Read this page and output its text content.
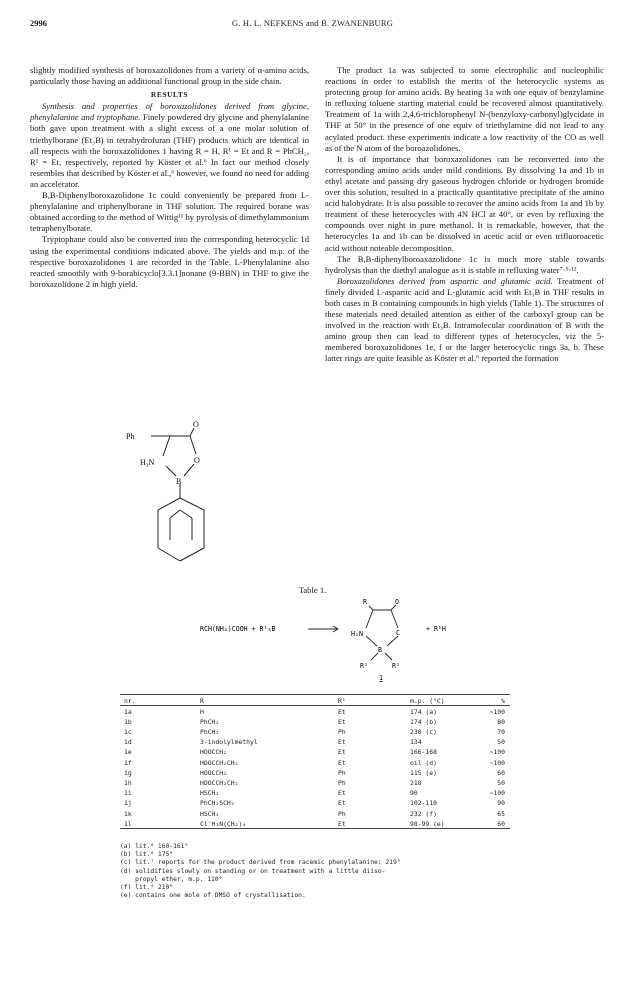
2996	G. H. L. NEFKENS and B. ZWANENBURG

slightly modified synthesis of boroxazolidones from a variety of α-amino acids, particularly those having an additional functional group in the side chain.

RESULTS

Synthesis and properties of boroxazolidones derived from glycine, phenylalanine and tryptophane. Finely powdered dry glycine and phenylalanine both gave upon treatment with a slight excess of a one molar solution of triethylborane (Et₃B) in tetrahydrofuran (THF) products which are identical in all respects with the boroxazolidones 1 having R = H, R¹ = Et and R = PhCH₂, R¹ = Et, respectively, reported by Köster et al.⁶ In fact our method closely resembles that described by Köster et al.,⁶ however, we found no need for adding an accelerator.

B,B-Diphenylboroxazolidone 1c could conveniently be prepared from L-phenylalanine and triphenylborane in THF solution. The required borane was obtained according to the method of Wittig¹¹ by pyrolysis of dimethylammonium tetraphenylborate.

Tryptophane could also be converted into the corresponding heterocyclic 1d using the experimental conditions indicated above. The yields and m.p. of the respective boroxazolidones 1 are recorded in the Table. L-Phenylalanine also reacted smoothly with 9-borabicyclo[3.3.1]nonane (9-BBN) in THF to give the boroxazolidone 2 in high yield.

The product 1a was subjected to some electrophilic and nucleophilic reactions in order to establish the merits of the heterocyclic systems as protecting group for amino acids. By heating 1a with one equiv of benzylamine in refluxing toluene starting material could be recovered almost quantitatively. Treatment of 1a with 2,4,6-trichlorophenyl N-(benzyloxy-carbonyl)glycidate in THF at 50° in the presence of one equiv of triethylamine did not lead to any acylated product. these experiments indicate a low reactivity of the CO as well as of the N atom of the boroazolidones.

It is of importance that boroxazolidones can be reconverted into the corresponding amino acids under mild conditions. By dissolving 1a and 1b in ethyl acetate and passing dry gaseous hydrogen chloride or hydrogen bromide over this solution, resulted in a practically quantitative precipitate of the amino acid halohydrate. It is also possible to recover the amino acids from 1a and 1b by treatment of these heterocycles with 4N HCl at 40°, or even by refluxing the compounds over night in pure methanol. It is remarkable, however, that the heterocycles 1a and 1b can be dissolved in acetic acid or even trifluoroacetic acid without noteable decomposition.

The B,B-diphenylboroaxazolidone 1c is much more stable towards hydrolysis than the diethyl analogue as it is stable in refluxing water⁷·⁹·¹².

Boroxazolidones derived from aspartic and glutamic acid. Treatment of finely divided L-aspartic acid and L-glutamic acid with Et₃B in THF results in both cases in B containing compounds in high yields (Table 1). The structures of these materials need detailed attention as either of the carboxyl group can be involved in the reaction with Et₃B. Intramolecular coordination of B with the amino group then can lead to different types of heterocycles, viz the 5-membered boroxazolidones 1e, f or the larger heterocyclic rings 3a, b. These latter rings are quite feasible as Köster et al.⁶ reported the formation

Ph
O
H₂N	O
B
Table 1.
RCH(NH₂)COOH + R¹₃B
R	O
H₂N	C
B
R¹	R¹
1
+ R¹H
nr.	R	R¹	m.p. (°C)	%
1a	H	Et	174 (a)	~100
1b	PhCH₂	Et	174 (b)	80
1c	PhCH₂	Ph	230 (c)	70
1d	3-indolylmethyl	Et	134	50
1e	HOOCCH₂	Et	166-168	~100
1f	HOOCCH₂CH₂	Et	oil (d)	~100
1g	HOOCCH₂	Ph	115 (e)	60
1h	HOOCCH₂CH₂	Ph	218	50
1i	HSCH₂	Et	90	~100
1j	PhCH₂SCH₂	Et	102-110	90
1k	HSCH₂	Ph	232 (f)	65
1l	Cl⁻H₃N(CH₂)₄	Et	98-99 (e)	60
(a) lit.⁶ 160-161°
(b) lit.⁶ 175°
(c) lit.⁷ reports for the product derived from racemic phenylalanine: 219°
(d) solidifies slowly on standing or on treatment with a little diiso-
propyl ether, m.p. 110°
(f) lit.⁹ 210°
(e) contains one mole of DMSO of crystallisation.
